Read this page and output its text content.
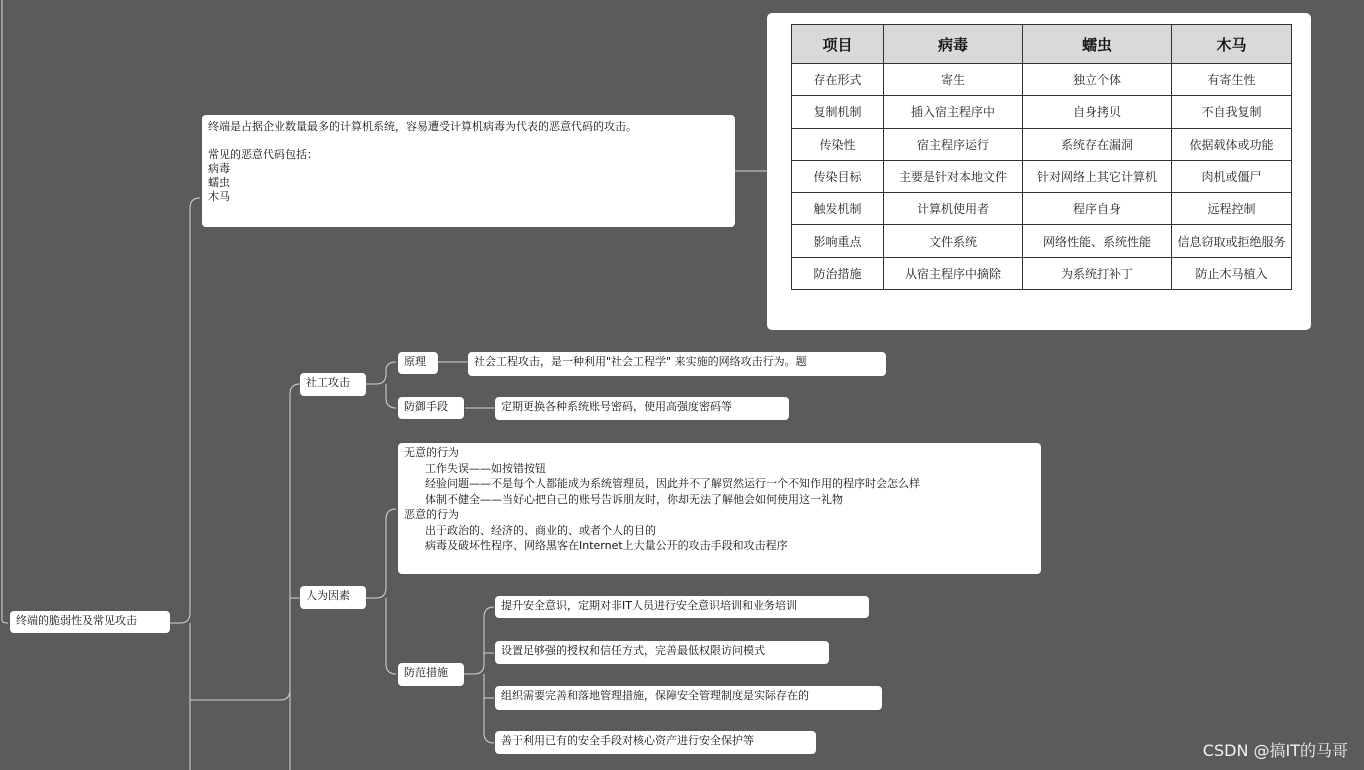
终端的脆弱性及常见攻击
终端是占据企业数量最多的计算机系统，容易遭受计算机病毒为代表的恶意代码的攻击。

常见的恶意代码包括：
病毒
蠕虫
木马
项目	病毒	蠕虫	木马
存在形式	寄生	独立个体	有寄生性
复制机制	插入宿主程序中	自身拷贝	不自我复制
传染性	宿主程序运行	系统存在漏洞	依据载体或功能
传染目标	主要是针对本地文件	针对网络上其它计算机	肉机或僵尸
触发机制	计算机使用者	程序自身	远程控制
影响重点	文件系统	网络性能、系统性能	信息窃取或拒绝服务
防治措施	从宿主程序中摘除	为系统打补丁	防止木马植入
社工攻击
原理	社会工程攻击，是一种利用"社会工程学" 来实施的网络攻击行为。题
防御手段	定期更换各种系统账号密码，使用高强度密码等
人为因素
无意的行为
工作失误——如按错按钮
经验问题——不是每个人都能成为系统管理员，因此并不了解贸然运行一个不知作用的程序时会怎么样
体制不健全——当好心把自己的账号告诉朋友时，你却无法了解他会如何使用这一礼物
恶意的行为
出于政治的、经济的、商业的、或者个人的目的
病毒及破坏性程序、网络黑客在Internet上大量公开的攻击手段和攻击程序
防范措施
提升安全意识，定期对非IT人员进行安全意识培训和业务培训
设置足够强的授权和信任方式，完善最低权限访问模式
组织需要完善和落地管理措施，保障安全管理制度是实际存在的
善于利用已有的安全手段对核心资产进行安全保护等
CSDN @搞IT的马哥
